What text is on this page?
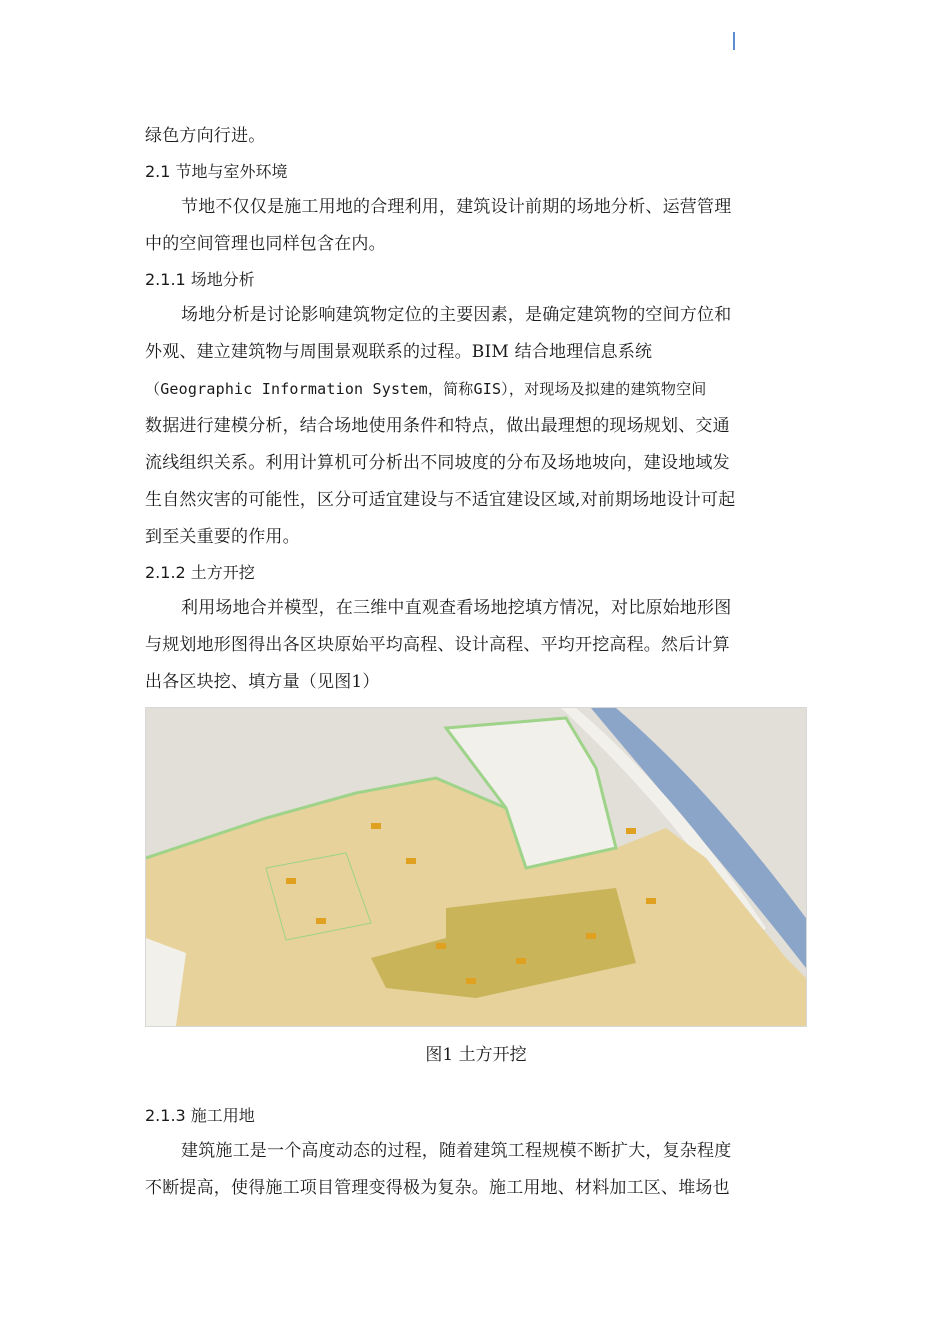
绿色方向行进。
2.1 节地与室外环境
节地不仅仅是施工用地的合理利用，建筑设计前期的场地分析、运营管理
中的空间管理也同样包含在内。
2.1.1 场地分析
场地分析是讨论影响建筑物定位的主要因素，是确定建筑物的空间方位和
外观、建立建筑物与周围景观联系的过程。BIM 结合地理信息系统
（Geographic Information System，简称GIS），对现场及拟建的建筑物空间
数据进行建模分析，结合场地使用条件和特点，做出最理想的现场规划、交通
流线组织关系。利用计算机可分析出不同坡度的分布及场地坡向，建设地域发
生自然灾害的可能性，区分可适宜建设与不适宜建设区域,对前期场地设计可起
到至关重要的作用。
2.1.2 土方开挖
利用场地合并模型，在三维中直观查看场地挖填方情况，对比原始地形图
与规划地形图得出各区块原始平均高程、设计高程、平均开挖高程。然后计算
出各区块挖、填方量（见图1）
图1 土方开挖
2.1.3 施工用地
建筑施工是一个高度动态的过程，随着建筑工程规模不断扩大，复杂程度
不断提高，使得施工项目管理变得极为复杂。施工用地、材料加工区、堆场也
